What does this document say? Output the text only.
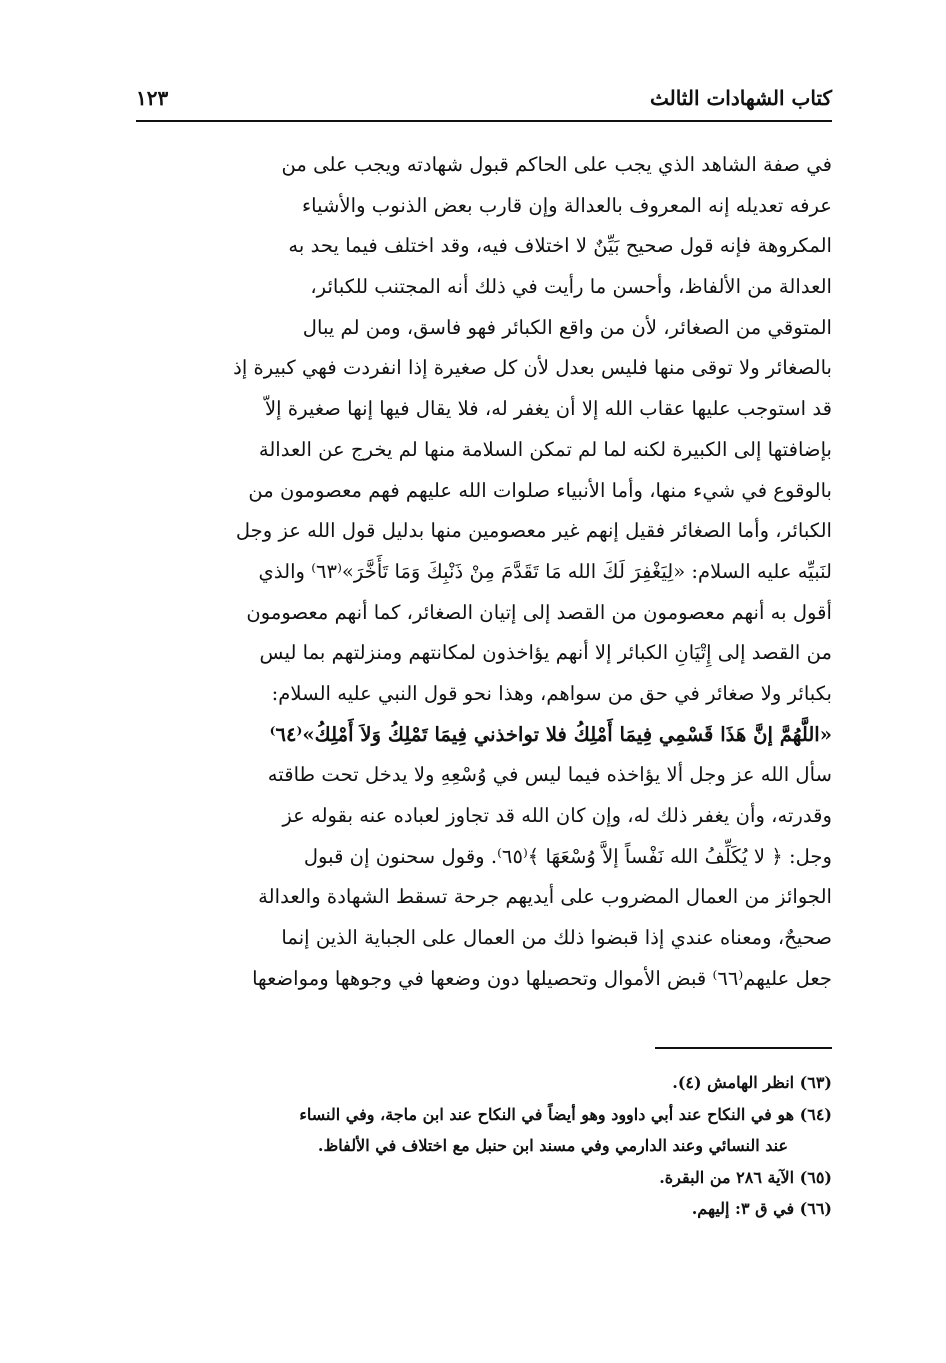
كتاب الشهادات الثالث
١٢٣
في صفة الشاهد الذي يجب على الحاكم قبول شهادته ويجب على من
عرفه تعديله إنه المعروف بالعدالة وإن قارب بعض الذنوب والأشياء
المكروهة فإنه قول صحيح بَيِّنٌ لا اختلاف فيه، وقد اختلف فيما يحد به
العدالة من الألفاظ، وأحسن ما رأيت في ذلك أنه المجتنب للكبائر،
المتوقي من الصغائر، لأن من واقع الكبائر فهو فاسق، ومن لم يبال
بالصغائر ولا توقى منها فليس بعدل لأن كل صغيرة إذا انفردت فهي كبيرة إذ
قد استوجب عليها عقاب الله إلا أن يغفر له، فلا يقال فيها إنها صغيرة إلاّ
بإضافتها إلى الكبيرة لكنه لما لم تمكن السلامة منها لم يخرج عن العدالة
بالوقوع في شيء منها، وأما الأنبياء صلوات الله عليهم فهم معصومون من
الكبائر، وأما الصغائر فقيل إنهم غير معصومين منها بدليل قول الله عز وجل
لنَبيِّه عليه السلام: «لِيَغْفِرَ لَكَ الله مَا تَقَدَّمَ مِنْ ذَنْبِكَ وَمَا تَأَخَّرَ»⁽٦٣⁾ والذي
أقول به أنهم معصومون من القصد إلى إتيان الصغائر، كما أنهم معصومون
من القصد إلى إِتْيَانِ الكبائر إلا أنهم يؤاخذون لمكانتهم ومنزلتهم بما ليس
بكبائر ولا صغائر في حق من سواهم، وهذا نحو قول النبي عليه السلام:
«اللَّهُمَّ إنَّ هَذَا قَسْمِي فِيمَا أَمْلِكُ فلا تواخذني فِيمَا تَمْلِكُ وَلاَ أَمْلِكُ»⁽٦٤⁾
سأل الله عز وجل ألا يؤاخذه فيما ليس في وُسْعِهِ ولا يدخل تحت طاقته
وقدرته، وأن يغفر ذلك له، وإن كان الله قد تجاوز لعباده عنه بقوله عز
وجل: ﴿ لا يُكَلِّفُ الله نَفْساً إلاَّ وُسْعَهَا ﴾⁽٦٥⁾. وقول سحنون إن قبول
الجوائز من العمال المضروب على أيديهم جرحة تسقط الشهادة والعدالة
صحيحٌ، ومعناه عندي إذا قبضوا ذلك من العمال على الجباية الذين إنما
جعل عليهم⁽٦٦⁾ قبض الأموال وتحصيلها دون وضعها في وجوهها ومواضعها
(٦٣) انظر الهامش (٤).
(٦٤) هو في النكاح عند أبي داوود وهو أيضاً في النكاح عند ابن ماجة، وفي النساء
عند النسائي وعند الدارمي وفي مسند ابن حنبل مع اختلاف في الألفاظ.
(٦٥) الآية ٢٨٦ من البقرة.
(٦٦) في ق ٣: إليهم.
